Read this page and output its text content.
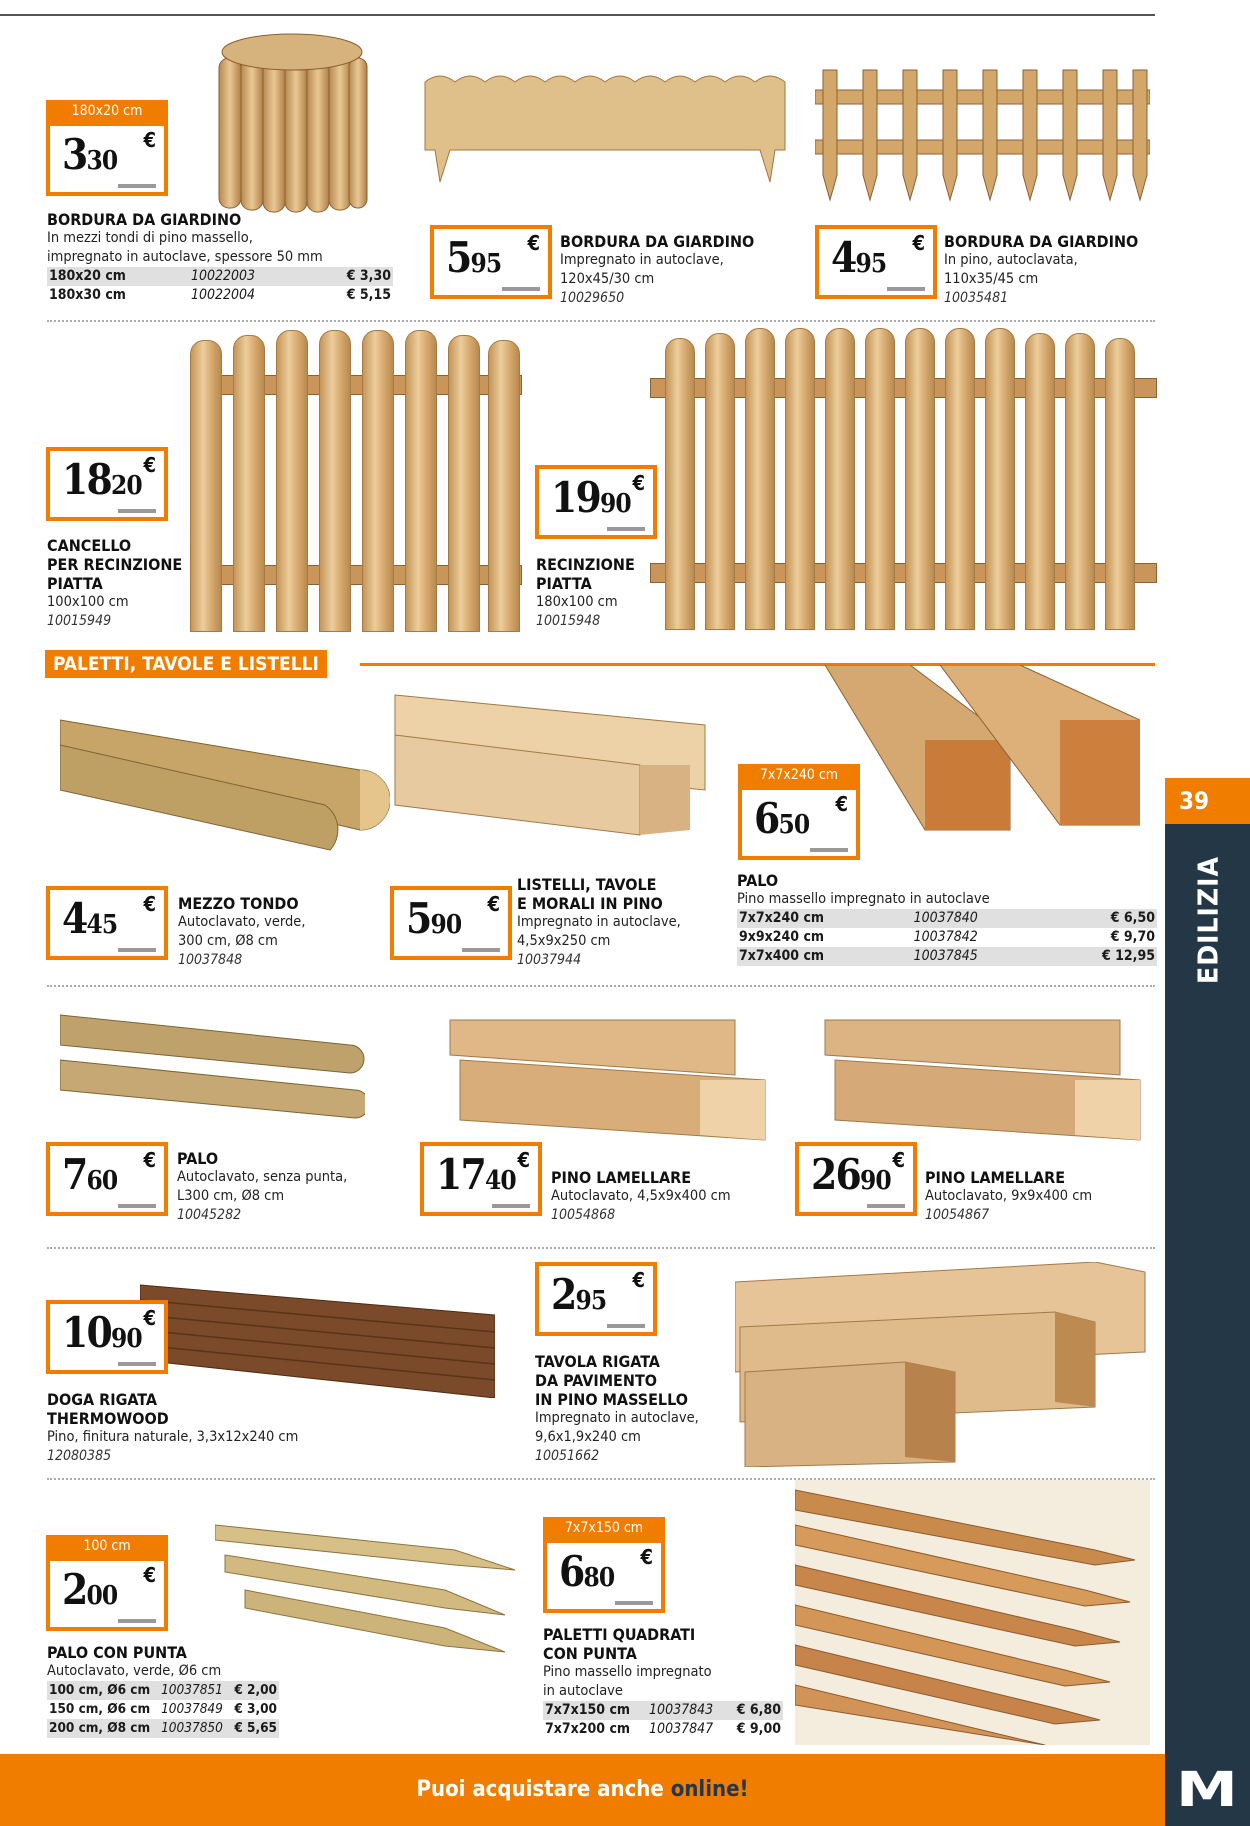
180x20 cm
330
€
BORDURA DA GIARDINO
In mezzi tondi di pino massello,
impregnato in autoclave, spessore 50 mm
180x20 cm	10022003	€ 3,30
180x30 cm	10022004	€ 5,15
595
€ BORDURA DA GIARDINO
Impregnato in autoclave,
120x45/30 cm
10029650
495
€ BORDURA DA GIARDINO
In pino, autoclavata,
110x35/45 cm
10035481
1820
€
CANCELLO
PER RECINZIONE
PIATTA
100x100 cm
10015949
1990
€
RECINZIONE
PIATTA
180x100 cm
10015948
PALETTI, TAVOLE E LISTELLI
445
€ MEZZO TONDO
Autoclavato, verde,
300 cm, Ø8 cm
10037848
590
€
LISTELLI, TAVOLE
E MORALI IN PINO
Impregnato in autoclave,
4,5x9x250 cm
10037944
7x7x240 cm
650
€
PALO
Pino massello impregnato in autoclave
7x7x240 cm	10037840	€ 6,50
9x9x240 cm	10037842	€ 9,70
7x7x400 cm	10037845	€ 12,95
760
€ PALO
Autoclavato, senza punta,
L300 cm, Ø8 cm
10045282
1740
€
PINO LAMELLARE
Autoclavato, 4,5x9x400 cm
10054868
2690
€
PINO LAMELLARE
Autoclavato, 9x9x400 cm
10054867
1090
€
DOGA RIGATA
THERMOWOOD
Pino, finitura naturale, 3,3x12x240 cm
12080385
295
€
TAVOLA RIGATA
DA PAVIMENTO
IN PINO MASSELLO
Impregnato in autoclave,
9,6x1,9x240 cm
10051662
100 cm
200
€
PALO CON PUNTA
Autoclavato, verde, Ø6 cm
100 cm, Ø6 cm	10037851	€ 2,00
150 cm, Ø6 cm	10037849	€ 3,00
200 cm, Ø8 cm	10037850	€ 5,65
7x7x150 cm
680
€
PALETTI QUADRATI
CON PUNTA
Pino massello impregnato
in autoclave
7x7x150 cm	10037843	€ 6,80
7x7x200 cm	10037847	€ 9,00
39
EDILIZIA
Puoi acquistare anche online!	M
